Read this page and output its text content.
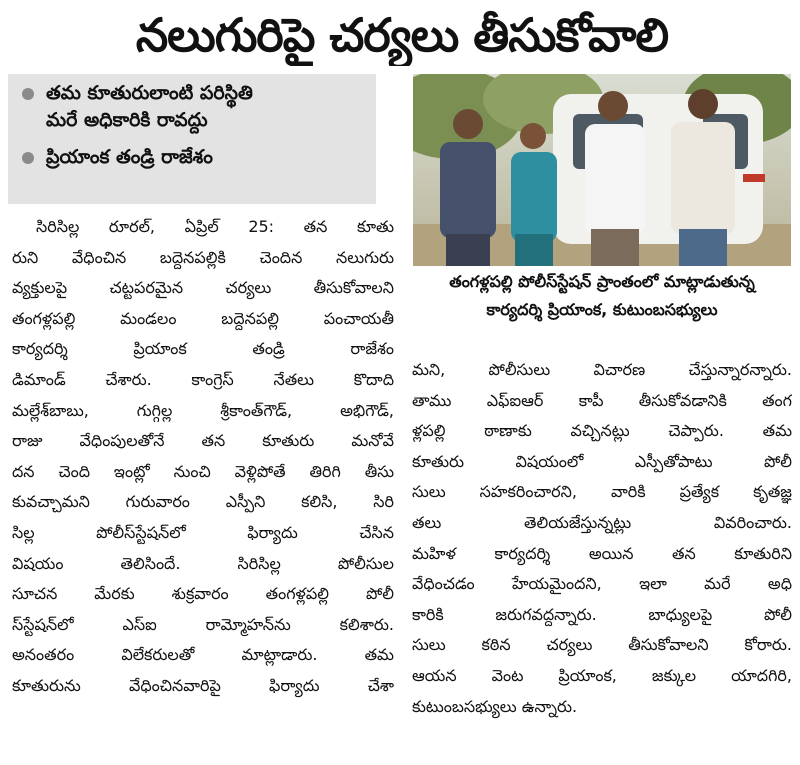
నలుగురిపై చర్యలు తీసుకోవాలి
తమ కూతురులాంటి పరిస్థితి
మరే అధికారికి రావద్దు
ప్రియాంక తండ్రి రాజేశం
తంగళ్లపల్లి పోలీస్‌స్టేషన్ ప్రాంతంలో మాట్లాడుతున్న
కార్యదర్శి ప్రియాంక, కుటుంబసభ్యులు
సిరిసిల్ల రూరల్, ఏప్రిల్ 25: తన కూతు
రుని వేధించిన బద్దెనపల్లికి చెందిన నలుగురు
వ్యక్తులపై చట్టపరమైన చర్యలు తీసుకోవాలని
తంగళ్లపల్లి మండలం బద్దెనపల్లి పంచాయతీ
కార్యదర్శి ప్రియాంక తండ్రి రాజేశం
డిమాండ్ చేశారు. కాంగ్రెస్ నేతలు కొదాది
మల్లేశ్‌బాబు, గుగ్గిల్ల శ్రీకాంత్‌గౌడ్, అభిగౌడ్,
రాజు వేధింపులతోనే తన కూతురు మనోవే
దన చెంది ఇంట్లో నుంచి వెళ్లిపోతే తిరిగి తీసు
కువచ్చామని గురువారం ఎస్పీని కలిసి, సిరి
సిల్ల పోలీస్‌స్టేషన్‌లో ఫిర్యాదు చేసిన
విషయం తెలిసిందే. సిరిసిల్ల పోలీసుల
సూచన మేరకు శుక్రవారం తంగళ్లపల్లి పోలీ
స్‌స్టేషన్‌లో ఎస్‌ఐ రామ్మోహన్‌ను కలిశారు.
అనంతరం విలేకరులతో మాట్లాడారు. తమ
కూతురును వేధించినవారిపై ఫిర్యాదు చేశా
మని, పోలీసులు విచారణ చేస్తున్నారన్నారు.
తాము ఎఫ్‌ఐఆర్ కాపీ తీసుకోవడానికి తంగ
ళ్లపల్లి ఠాణాకు వచ్చినట్లు చెప్పారు. తమ
కూతురు విషయంలో ఎస్పీతోపాటు పోలీ
సులు సహకరించారని, వారికి ప్రత్యేక కృతజ్ఞ
తలు తెలియజేస్తున్నట్లు వివరించారు.
మహిళ కార్యదర్శి అయిన తన కూతురిని
వేధించడం హేయమైందని, ఇలా మరే అధి
కారికి జరుగవద్దన్నారు. బాధ్యులపై పోలీ
సులు కఠిన చర్యలు తీసుకోవాలని కోరారు.
ఆయన వెంట ప్రియాంక, జక్కుల యాదగిరి,
కుటుంబసభ్యులు ఉన్నారు.
